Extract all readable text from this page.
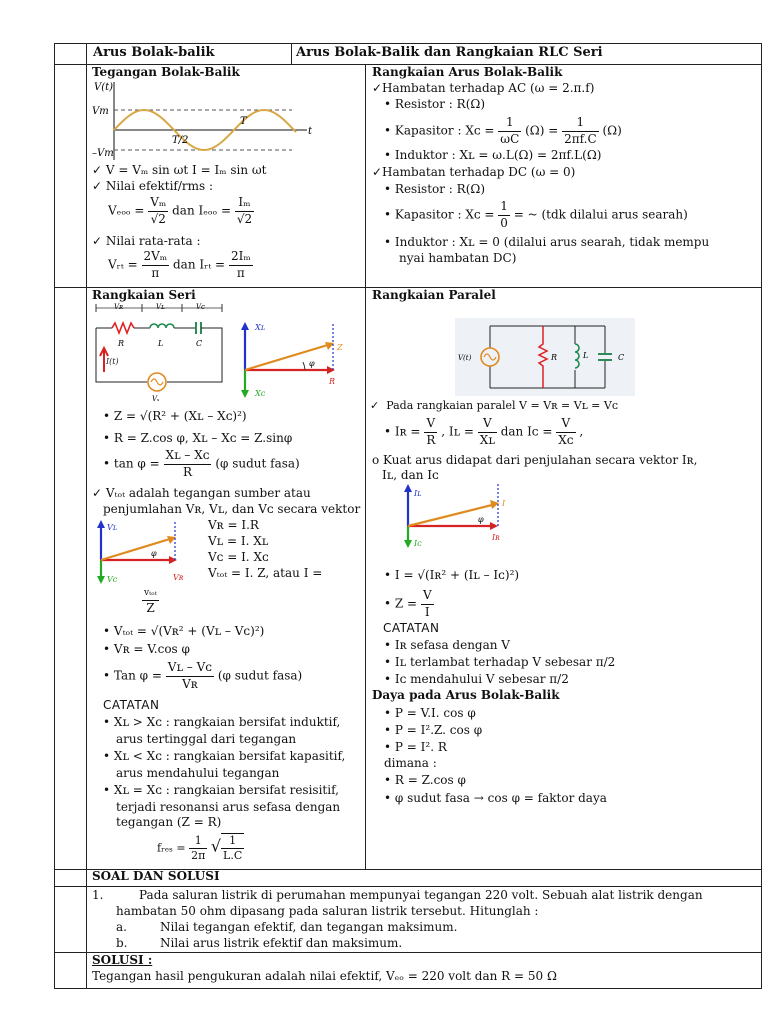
Arus Bolak-balik	Arus Bolak-Balik dan Rangkaian RLC Seri
Tegangan Bolak-Balik
V(t)
Vm
–Vm
T/2
T
t
✓ V = Vₘ sin ωt I = Iₘ sin ωt
✓ Nilai efektif/rms :
$V_{eoo} = \frac{\text{Vₘ}}{√2}$ dan $I_{eoo} = \frac{\text{Iₘ}}{√2}$
✓ Nilai rata-rata :
Vᵣₜ = $\frac{\text{2Vₘ}}{\pi}$ dan Iᵣₜ = $\frac{\text{2Iₘ}}{\pi}$
Rangkaian Arus Bolak-Balik
✓Hambatan terhadap AC (ω = 2.π.f)
• Resistor : R(Ω)
• Kapasitor : Xᴄ = $\frac{1}{\omega C} (\Omega) = \frac{1}{2\pi f.C} (\Omega)$
• Induktor : Xʟ = ω.L(Ω) = 2πf.L(Ω)
✓Hambatan terhadap DC (ω = 0)
• Resistor : R(Ω)
• Kapasitor : Xᴄ = $\frac{1}{0}$ = ~ (tdk dilalui arus searah)
• Induktor : Xʟ = 0 (dilalui arus searah, tidak mempu
nyai hambatan DC)
Rangkaian Seri
Vʀ	Vʟ	Vᴄ
R	L	C
I(t)
Vₛ
Xʟ
Xᴄ
Z
R
φ
• Z = √(R² + (Xʟ – Xᴄ)²)
• R = Z.cos φ, Xʟ – Xᴄ = Z.sinφ
• $\tan \varphi = \frac{\text{Xʟ – Xᴄ}}{R} (\varphi$ sudut fasa)
✓ Vₜₒₜ adalah tegangan sumber atau
penjumlahan Vʀ, Vʟ, dan Vᴄ secara vektor
Vʟ
Vᴄ	Vʀ
φ
Vʀ = I.R
Vʟ = I. Xʟ
Vᴄ = I. Xᴄ
Vₜₒₜ = I. Z, atau I =
$\frac{\text{vₜₒₜ}}{Z}$
• Vₜₒₜ = √(Vʀ² + (Vʟ – Vᴄ)²)
• Vʀ = V.cos φ
• Tan $\varphi = \frac{\text{Vʟ – Vᴄ}}{\text{Vʀ}} (\varphi$ sudut fasa)
CATATAN
• Xʟ > Xᴄ : rangkaian bersifat induktif,
arus tertinggal dari tegangan
• Xʟ < Xᴄ : rangkaian bersifat kapasitif,
arus mendahului tegangan
• Xʟ = Xᴄ : rangkaian bersifat resisitif,
terjadi resonansi arus sefasa dengan
tegangan (Z = R)
fᵣₑₛ = $\frac{1}{2\pi}$ √ $\frac{1}{L.C}$
Rangkaian Paralel
V(t)	R	L	C
✓  Pada rangkaian paralel V = Vʀ = Vʟ = Vᴄ
• Iʀ = $\frac{V}{R}$ , Iʟ = $\frac{V}{\text{Xʟ}}$ dan Iᴄ = $\frac{V}{\text{Xᴄ}}$ ,
o Kuat arus didapat dari penjulahan secara vektor Iʀ,
Iʟ, dan Iᴄ
Iʟ
Iᴄ
Iʀ
I
φ
• I = √(Iʀ² + (Iʟ – Iᴄ)²)
• $Z = \frac{V}{I}$
CATATAN
• Iʀ sefasa dengan V
• Iʟ terlambat terhadap V sebesar π/2
• Iᴄ mendahului V sebesar π/2
Daya pada Arus Bolak-Balik
• P = V.I. cos φ
• P = I².Z. cos φ
• P = I². R
dimana :
• R = Z.cos φ
• φ sudut fasa → cos φ = faktor daya
SOAL DAN SOLUSI
1.	Pada saluran listrik di perumahan mempunyai tegangan 220 volt. Sebuah alat listrik dengan
hambatan 50 ohm dipasang pada saluran listrik tersebut. Hitunglah :
a.	Nilai tegangan efektif, dan tegangan maksimum.
b.	Nilai arus listrik efektif dan maksimum.
SOLUSI :
Tegangan hasil pengukuran adalah nilai efektif, Vₑₒ = 220 volt dan R = 50 Ω
